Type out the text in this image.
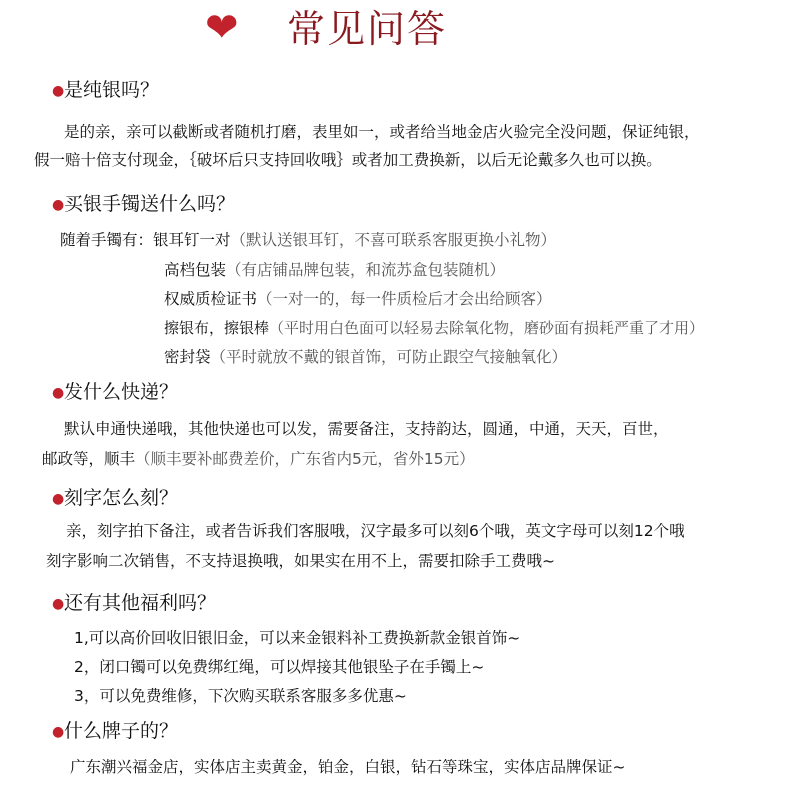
❤ 常见问答
●是纯银吗？
是的亲，亲可以截断或者随机打磨，表里如一，或者给当地金店火验完全没问题，保证纯银，
假一赔十倍支付现金，｛破坏后只支持回收哦｝或者加工费换新，以后无论戴多久也可以换。
●买银手镯送什么吗？
随着手镯有：银耳钉一对（默认送银耳钉，不喜可联系客服更换小礼物）
高档包装（有店铺品牌包装，和流苏盒包装随机）
权威质检证书（一对一的，每一件质检后才会出给顾客）
擦银布，擦银棒（平时用白色面可以轻易去除氧化物，磨砂面有损耗严重了才用）
密封袋（平时就放不戴的银首饰，可防止跟空气接触氧化）
●发什么快递？
默认申通快递哦，其他快递也可以发，需要备注，支持韵达，圆通，中通，天天，百世，
邮政等，顺丰（顺丰要补邮费差价，广东省内5元，省外15元）
●刻字怎么刻？
亲，刻字拍下备注，或者告诉我们客服哦，汉字最多可以刻6个哦，英文字母可以刻12个哦
刻字影响二次销售，不支持退换哦，如果实在用不上，需要扣除手工费哦~
●还有其他福利吗？
1,可以高价回收旧银旧金，可以来金银料补工费换新款金银首饰~
2，闭口镯可以免费绑红绳，可以焊接其他银坠子在手镯上~
3，可以免费维修，下次购买联系客服多多优惠~
●什么牌子的？
广东潮兴福金店，实体店主卖黄金，铂金，白银，钻石等珠宝，实体店品牌保证~
